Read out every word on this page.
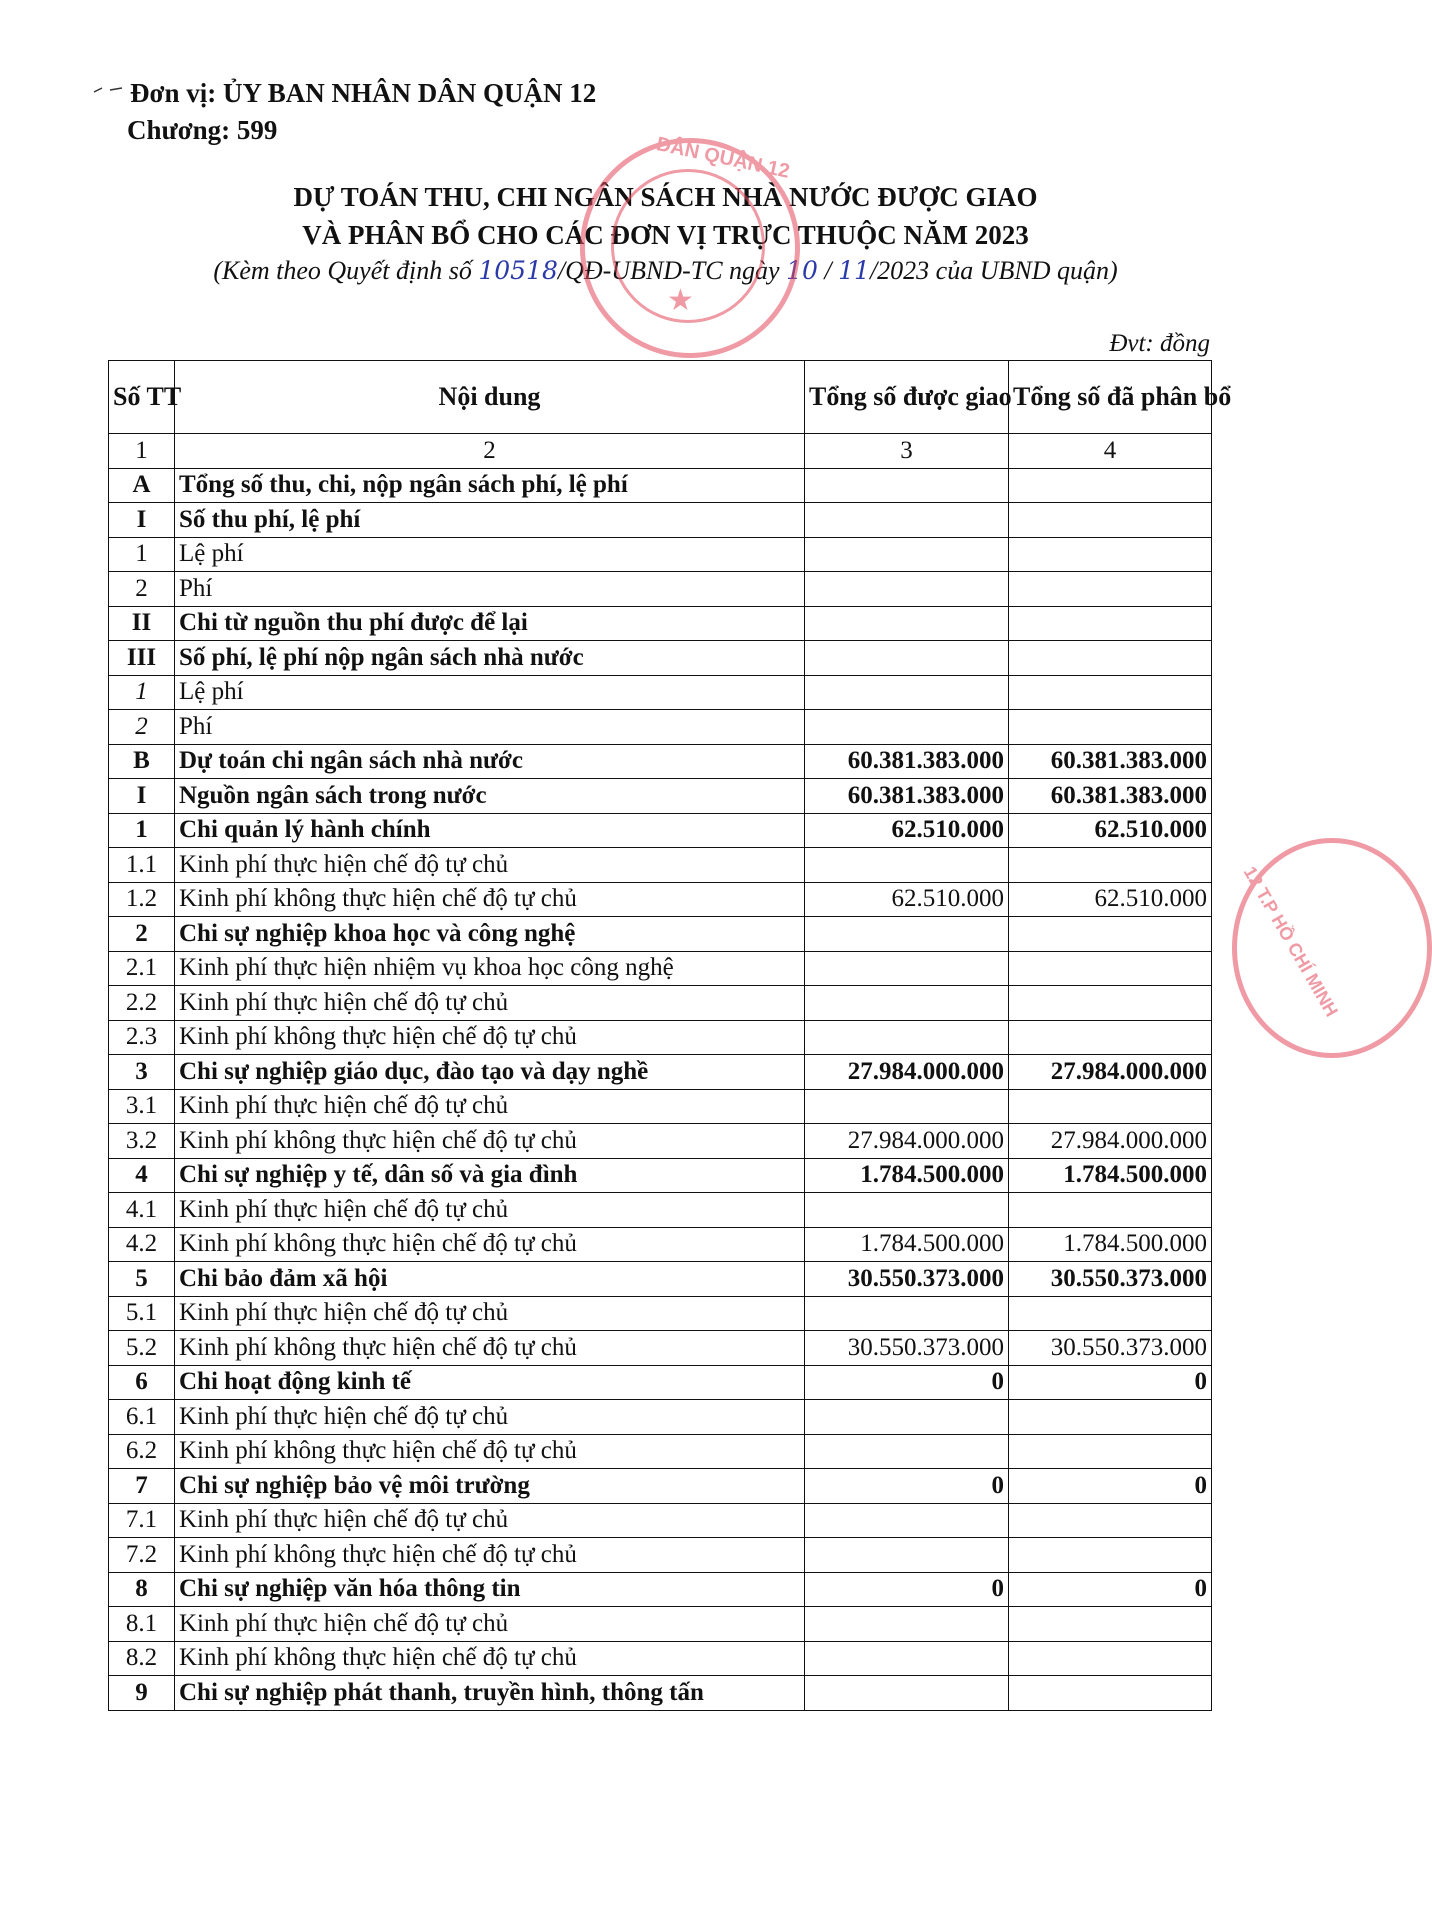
Đơn vị: ỦY BAN NHÂN DÂN QUẬN 12
Chương: 599
DỰ TOÁN THU, CHI NGÂN SÁCH NHÀ NƯỚC ĐƯỢC GIAO
VÀ PHÂN BỔ CHO CÁC ĐƠN VỊ TRỰC THUỘC NĂM 2023
(Kèm theo Quyết định số 10518/QĐ-UBND-TC ngày 10 / 11/2023 của UBND quận)
Đvt: đồng
Số TT	Nội dung	Tổng số được giao	Tổng số đã phân bổ
1	2	3	4
A	Tổng số thu, chi, nộp ngân sách phí, lệ phí		
I	Số thu phí, lệ phí		
1	Lệ phí		
2	Phí		
II	Chi từ nguồn thu phí được để lại		
III	Số phí, lệ phí nộp ngân sách nhà nước		
1	Lệ phí		
2	Phí		
B	Dự toán chi ngân sách nhà nước	60.381.383.000	60.381.383.000
I	Nguồn ngân sách trong nước	60.381.383.000	60.381.383.000
1	Chi quản lý hành chính	62.510.000	62.510.000
1.1	Kinh phí thực hiện chế độ tự chủ		
1.2	Kinh phí không thực hiện chế độ tự chủ	62.510.000	62.510.000
2	Chi sự nghiệp khoa học và công nghệ		
2.1	Kinh phí thực hiện nhiệm vụ khoa học công nghệ		
2.2	Kinh phí thực hiện chế độ tự chủ		
2.3	Kinh phí không thực hiện chế độ tự chủ		
3	Chi sự nghiệp giáo dục, đào tạo và dạy nghề	27.984.000.000	27.984.000.000
3.1	Kinh phí thực hiện chế độ tự chủ		
3.2	Kinh phí không thực hiện chế độ tự chủ	27.984.000.000	27.984.000.000
4	Chi sự nghiệp y tế, dân số và gia đình	1.784.500.000	1.784.500.000
4.1	Kinh phí thực hiện chế độ tự chủ		
4.2	Kinh phí không thực hiện chế độ tự chủ	1.784.500.000	1.784.500.000
5	Chi bảo đảm xã hội	30.550.373.000	30.550.373.000
5.1	Kinh phí thực hiện chế độ tự chủ		
5.2	Kinh phí không thực hiện chế độ tự chủ	30.550.373.000	30.550.373.000
6	Chi hoạt động kinh tế	0	0
6.1	Kinh phí thực hiện chế độ tự chủ		
6.2	Kinh phí không thực hiện chế độ tự chủ		
7	Chi sự nghiệp bảo vệ môi trường	0	0
7.1	Kinh phí thực hiện chế độ tự chủ		
7.2	Kinh phí không thực hiện chế độ tự chủ		
8	Chi sự nghiệp văn hóa thông tin	0	0
8.1	Kinh phí thực hiện chế độ tự chủ		
8.2	Kinh phí không thực hiện chế độ tự chủ		
9	Chi sự nghiệp phát thanh, truyền hình, thông tấn		
DÂN QUẬN 12
★
12 T.P HỒ CHÍ MINH
